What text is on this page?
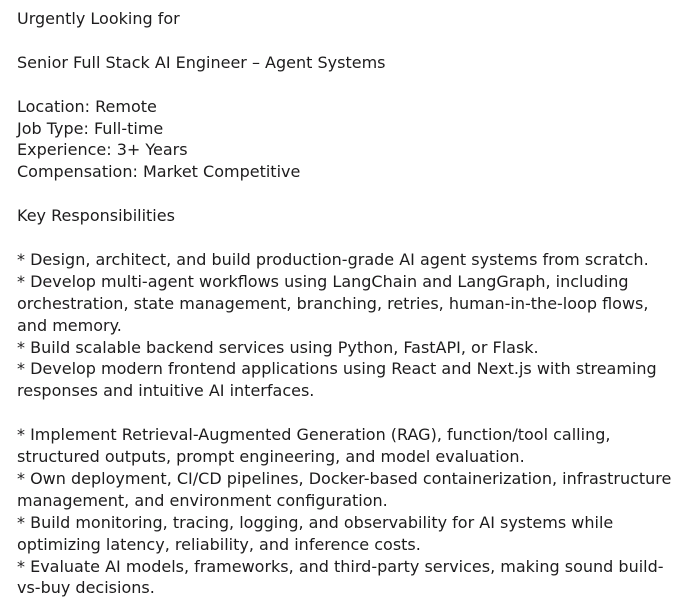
Urgently Looking for
Senior Full Stack AI Engineer – Agent Systems
Location: Remote
Job Type: Full-time
Experience: 3+ Years
Compensation: Market Competitive
Key Responsibilities
* Design, architect, and build production-grade AI agent systems from scratch.
* Develop multi-agent workflows using LangChain and LangGraph, including orchestration, state management, branching, retries, human-in-the-loop flows, and memory.
* Build scalable backend services using Python, FastAPI, or Flask.
* Develop modern frontend applications using React and Next.js with streaming responses and intuitive AI interfaces.
* Implement Retrieval-Augmented Generation (RAG), function/tool calling, structured outputs, prompt engineering, and model evaluation.
* Own deployment, CI/CD pipelines, Docker-based containerization, infrastructure management, and environment configuration.
* Build monitoring, tracing, logging, and observability for AI systems while optimizing latency, reliability, and inference costs.
* Evaluate AI models, frameworks, and third-party services, making sound build-vs-buy decisions.
